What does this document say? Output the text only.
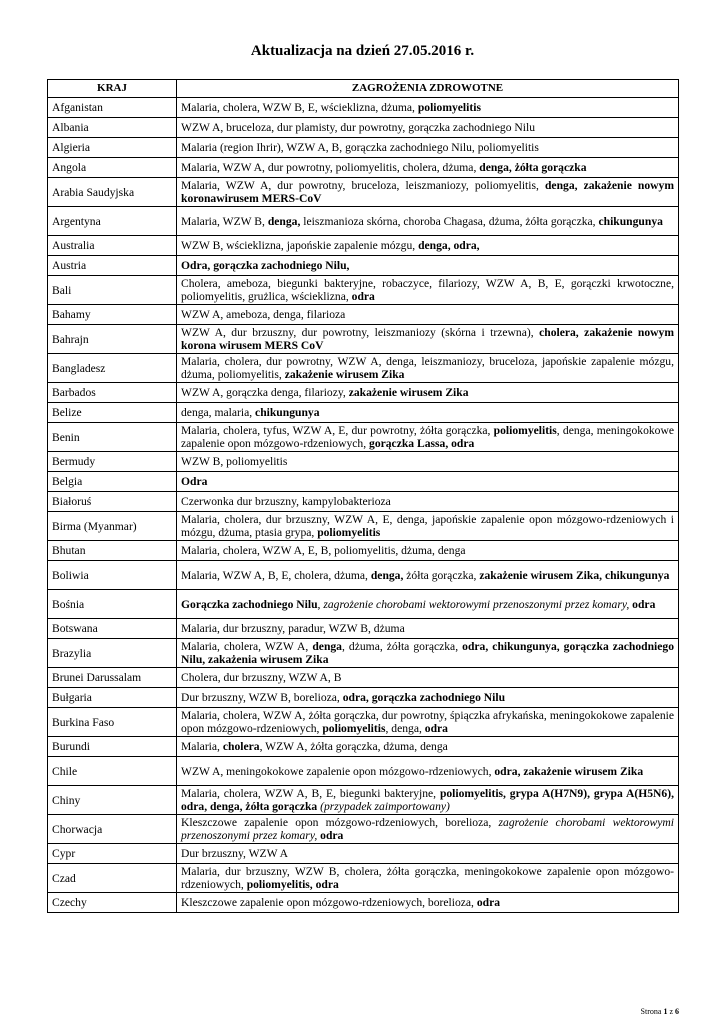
Aktualizacja na dzień 27.05.2016 r.
KRAJ	ZAGROŻENIA ZDROWOTNE
Afganistan	Malaria, cholera, WZW B, E, wścieklizna, dżuma, poliomyelitis
Albania	WZW A, bruceloza, dur plamisty, dur powrotny, gorączka zachodniego Nilu
Algieria	Malaria (region Ihrir), WZW A, B, gorączka zachodniego Nilu, poliomyelitis
Angola	Malaria, WZW A, dur powrotny, poliomyelitis, cholera, dżuma, denga, żółta gorączka
Arabia Saudyjska	Malaria, WZW A, dur powrotny, bruceloza, leiszmaniozy, poliomyelitis, denga, zakażenie nowym koronawirusem MERS-CoV
Argentyna	Malaria, WZW B, denga, leiszmanioza skórna, choroba Chagasa, dżuma, żółta gorączka, chikungunya
Australia	WZW B, wścieklizna, japońskie zapalenie mózgu, denga, odra,
Austria	Odra, gorączka zachodniego Nilu,
Bali	Cholera, ameboza, biegunki bakteryjne, robaczyce, filariozy, WZW A, B, E, gorączki krwotoczne, poliomyelitis, grużlica, wścieklizna, odra
Bahamy	WZW A, ameboza, denga, filarioza
Bahrajn	WZW A, dur brzuszny, dur powrotny, leiszmaniozy (skórna i trzewna), cholera, zakażenie nowym korona wirusem MERS CoV
Bangladesz	Malaria, cholera, dur powrotny, WZW A, denga, leiszmaniozy, bruceloza, japońskie zapalenie mózgu, dżuma, poliomyelitis, zakażenie wirusem Zika
Barbados	WZW A, gorączka denga, filariozy, zakażenie wirusem Zika
Belize	denga, malaria, chikungunya
Benin	Malaria, cholera, tyfus, WZW A, E, dur powrotny, żółta gorączka, poliomyelitis, denga, meningokokowe zapalenie opon mózgowo-rdzeniowych, gorączka Lassa, odra
Bermudy	WZW B, poliomyelitis
Belgia	Odra
Białoruś	Czerwonka dur brzuszny, kampylobakterioza
Birma (Myanmar)	Malaria, cholera, dur brzuszny, WZW A, E, denga, japońskie zapalenie opon mózgowo-rdzeniowych i mózgu, dżuma, ptasia grypa, poliomyelitis
Bhutan	Malaria, cholera, WZW A, E, B, poliomyelitis, dżuma, denga
Boliwia	Malaria, WZW A, B, E, cholera, dżuma, denga, żółta gorączka, zakażenie wirusem Zika, chikungunya
Bośnia	Gorączka zachodniego Nilu, zagrożenie chorobami wektorowymi przenoszonymi przez komary, odra
Botswana	Malaria, dur brzuszny, paradur, WZW B, dżuma
Brazylia	Malaria, cholera, WZW A, denga, dżuma, żółta gorączka, odra, chikungunya, gorączka zachodniego Nilu, zakażenia wirusem Zika
Brunei Darussalam	Cholera, dur brzuszny, WZW A, B
Bułgaria	Dur brzuszny, WZW B, borelioza, odra, gorączka zachodniego Nilu
Burkina Faso	Malaria, cholera, WZW A, żółta gorączka, dur powrotny, śpiączka afrykańska, meningokokowe zapalenie opon mózgowo-rdzeniowych, poliomyelitis, denga, odra
Burundi	Malaria, cholera, WZW A, żółta gorączka, dżuma, denga
Chile	WZW A, meningokokowe zapalenie opon mózgowo-rdzeniowych, odra, zakażenie wirusem Zika
Chiny	Malaria, cholera, WZW A, B, E, biegunki bakteryjne, poliomyelitis, grypa A(H7N9), grypa A(H5N6), odra, denga, żółta gorączka (przypadek zaimportowany)
Chorwacja	Kleszczowe zapalenie opon mózgowo-rdzeniowych, borelioza, zagrożenie chorobami wektorowymi przenoszonymi przez komary, odra
Cypr	Dur brzuszny, WZW A
Czad	Malaria, dur brzuszny, WZW B, cholera, żółta gorączka, meningokokowe zapalenie opon mózgowo- rdzeniowych, poliomyelitis, odra
Czechy	Kleszczowe zapalenie opon mózgowo-rdzeniowych, borelioza, odra
Strona 1 z 6
